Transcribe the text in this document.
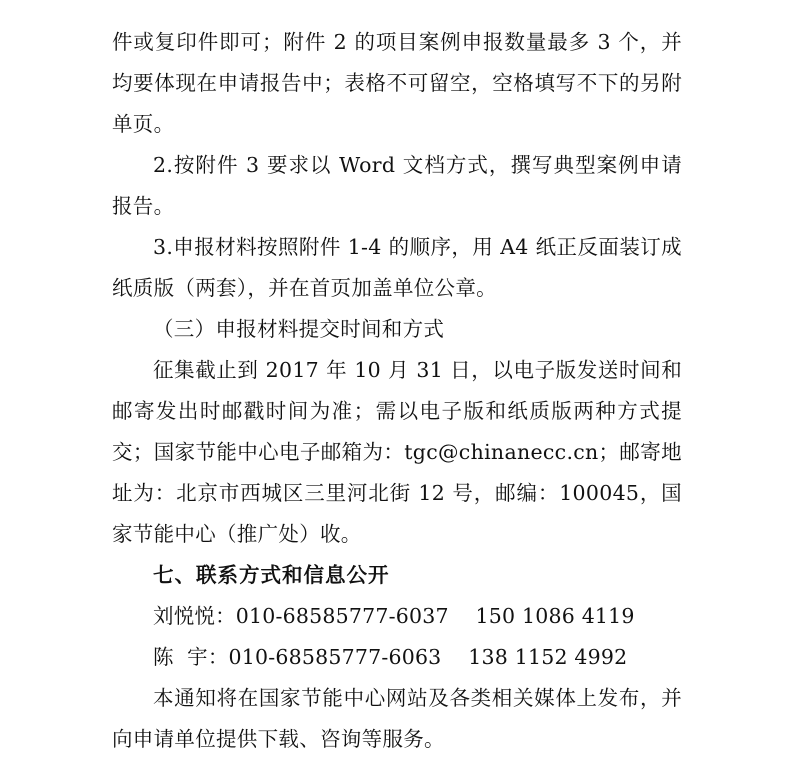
件或复印件即可；附件 2 的项目案例申报数量最多 3 个，并均要体现在申请报告中；表格不可留空，空格填写不下的另附单页。

2.按附件 3 要求以 Word 文档方式，撰写典型案例申请报告。

3.申报材料按照附件 1-4 的顺序，用 A4 纸正反面装订成纸质版（两套），并在首页加盖单位公章。

（三）申报材料提交时间和方式

征集截止到 2017 年 10 月 31 日，以电子版发送时间和邮寄发出时邮戳时间为准；需以电子版和纸质版两种方式提交；国家节能中心电子邮箱为：tgc@chinanecc.cn；邮寄地址为：北京市西城区三里河北街 12 号，邮编：100045，国家节能中心（推广处）收。

七、联系方式和信息公开

刘悦悦：010-68585777-6037    150 1086 4119

陈  宇：010-68585777-6063    138 1152 4992

本通知将在国家节能中心网站及各类相关媒体上发布，并向申请单位提供下载、咨询等服务。
